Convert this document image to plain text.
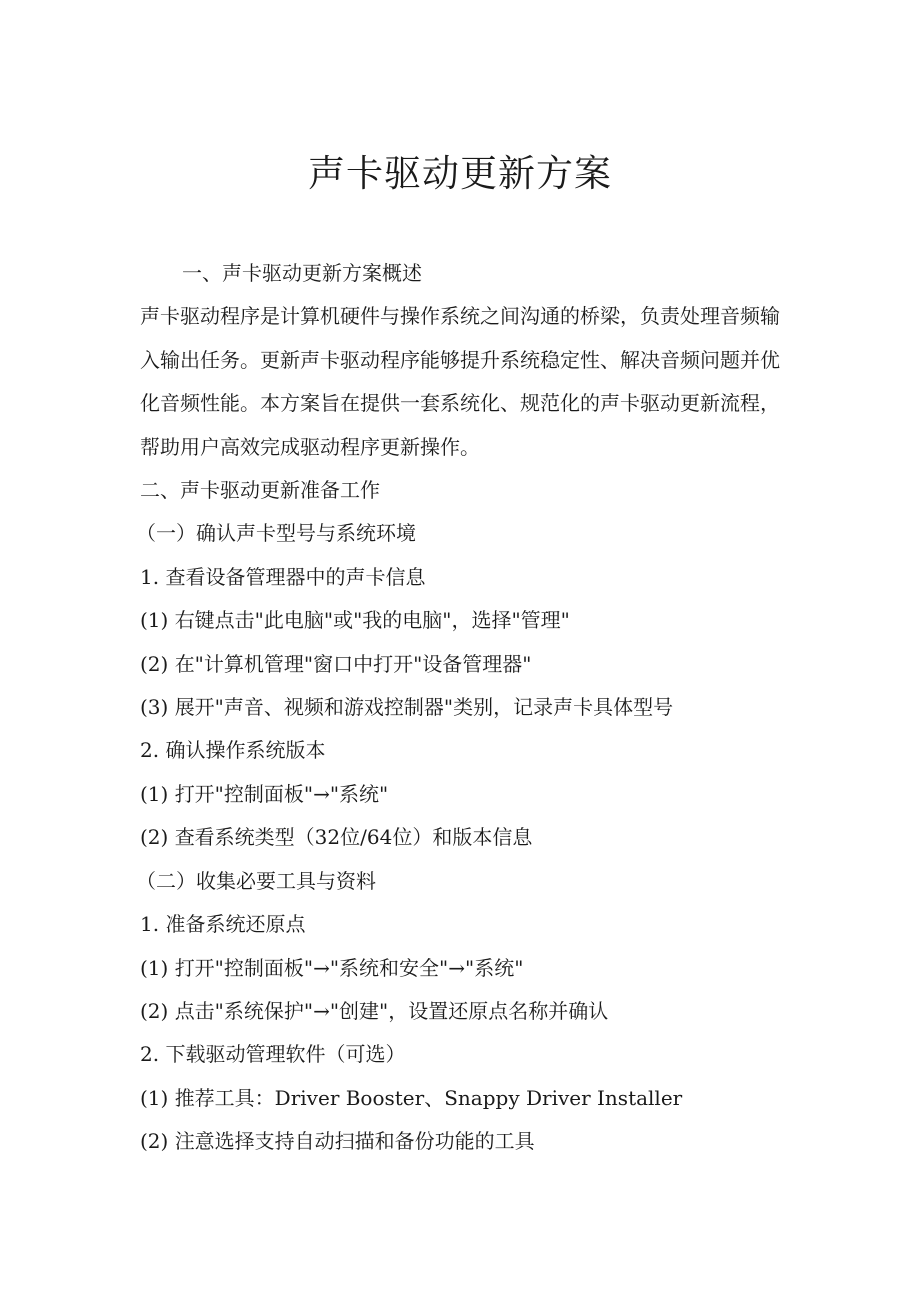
声卡驱动更新方案

一、声卡驱动更新方案概述

声卡驱动程序是计算机硬件与操作系统之间沟通的桥梁，负责处理音频输入输出任务。更新声卡驱动程序能够提升系统稳定性、解决音频问题并优化音频性能。本方案旨在提供一套系统化、规范化的声卡驱动更新流程，帮助用户高效完成驱动程序更新操作。

二、声卡驱动更新准备工作

（一）确认声卡型号与系统环境

1. 查看设备管理器中的声卡信息

(1) 右键点击"此电脑"或"我的电脑"，选择"管理"

(2) 在"计算机管理"窗口中打开"设备管理器"

(3) 展开"声音、视频和游戏控制器"类别，记录声卡具体型号

2. 确认操作系统版本

(1) 打开"控制面板"→"系统"

(2) 查看系统类型（32位/64位）和版本信息

（二）收集必要工具与资料

1. 准备系统还原点

(1) 打开"控制面板"→"系统和安全"→"系统"

(2) 点击"系统保护"→"创建"，设置还原点名称并确认

2. 下载驱动管理软件（可选）

(1) 推荐工具：Driver Booster、Snappy Driver Installer

(2) 注意选择支持自动扫描和备份功能的工具
